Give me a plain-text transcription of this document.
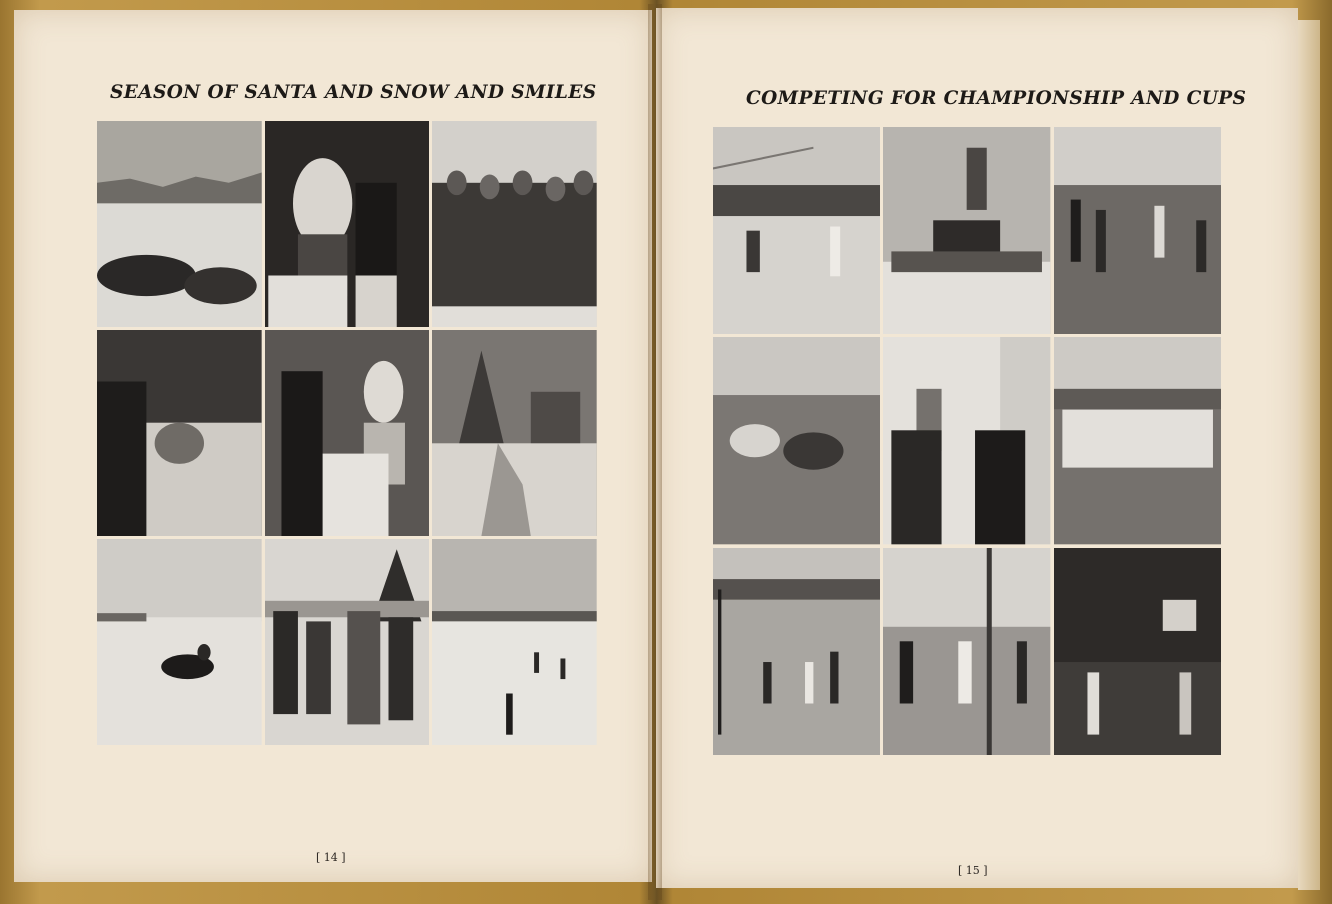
SEASON OF SANTA AND SNOW AND SMILES	COMPETING FOR CHAMPIONSHIP AND CUPS
[ 14 ]
[ 15 ]
